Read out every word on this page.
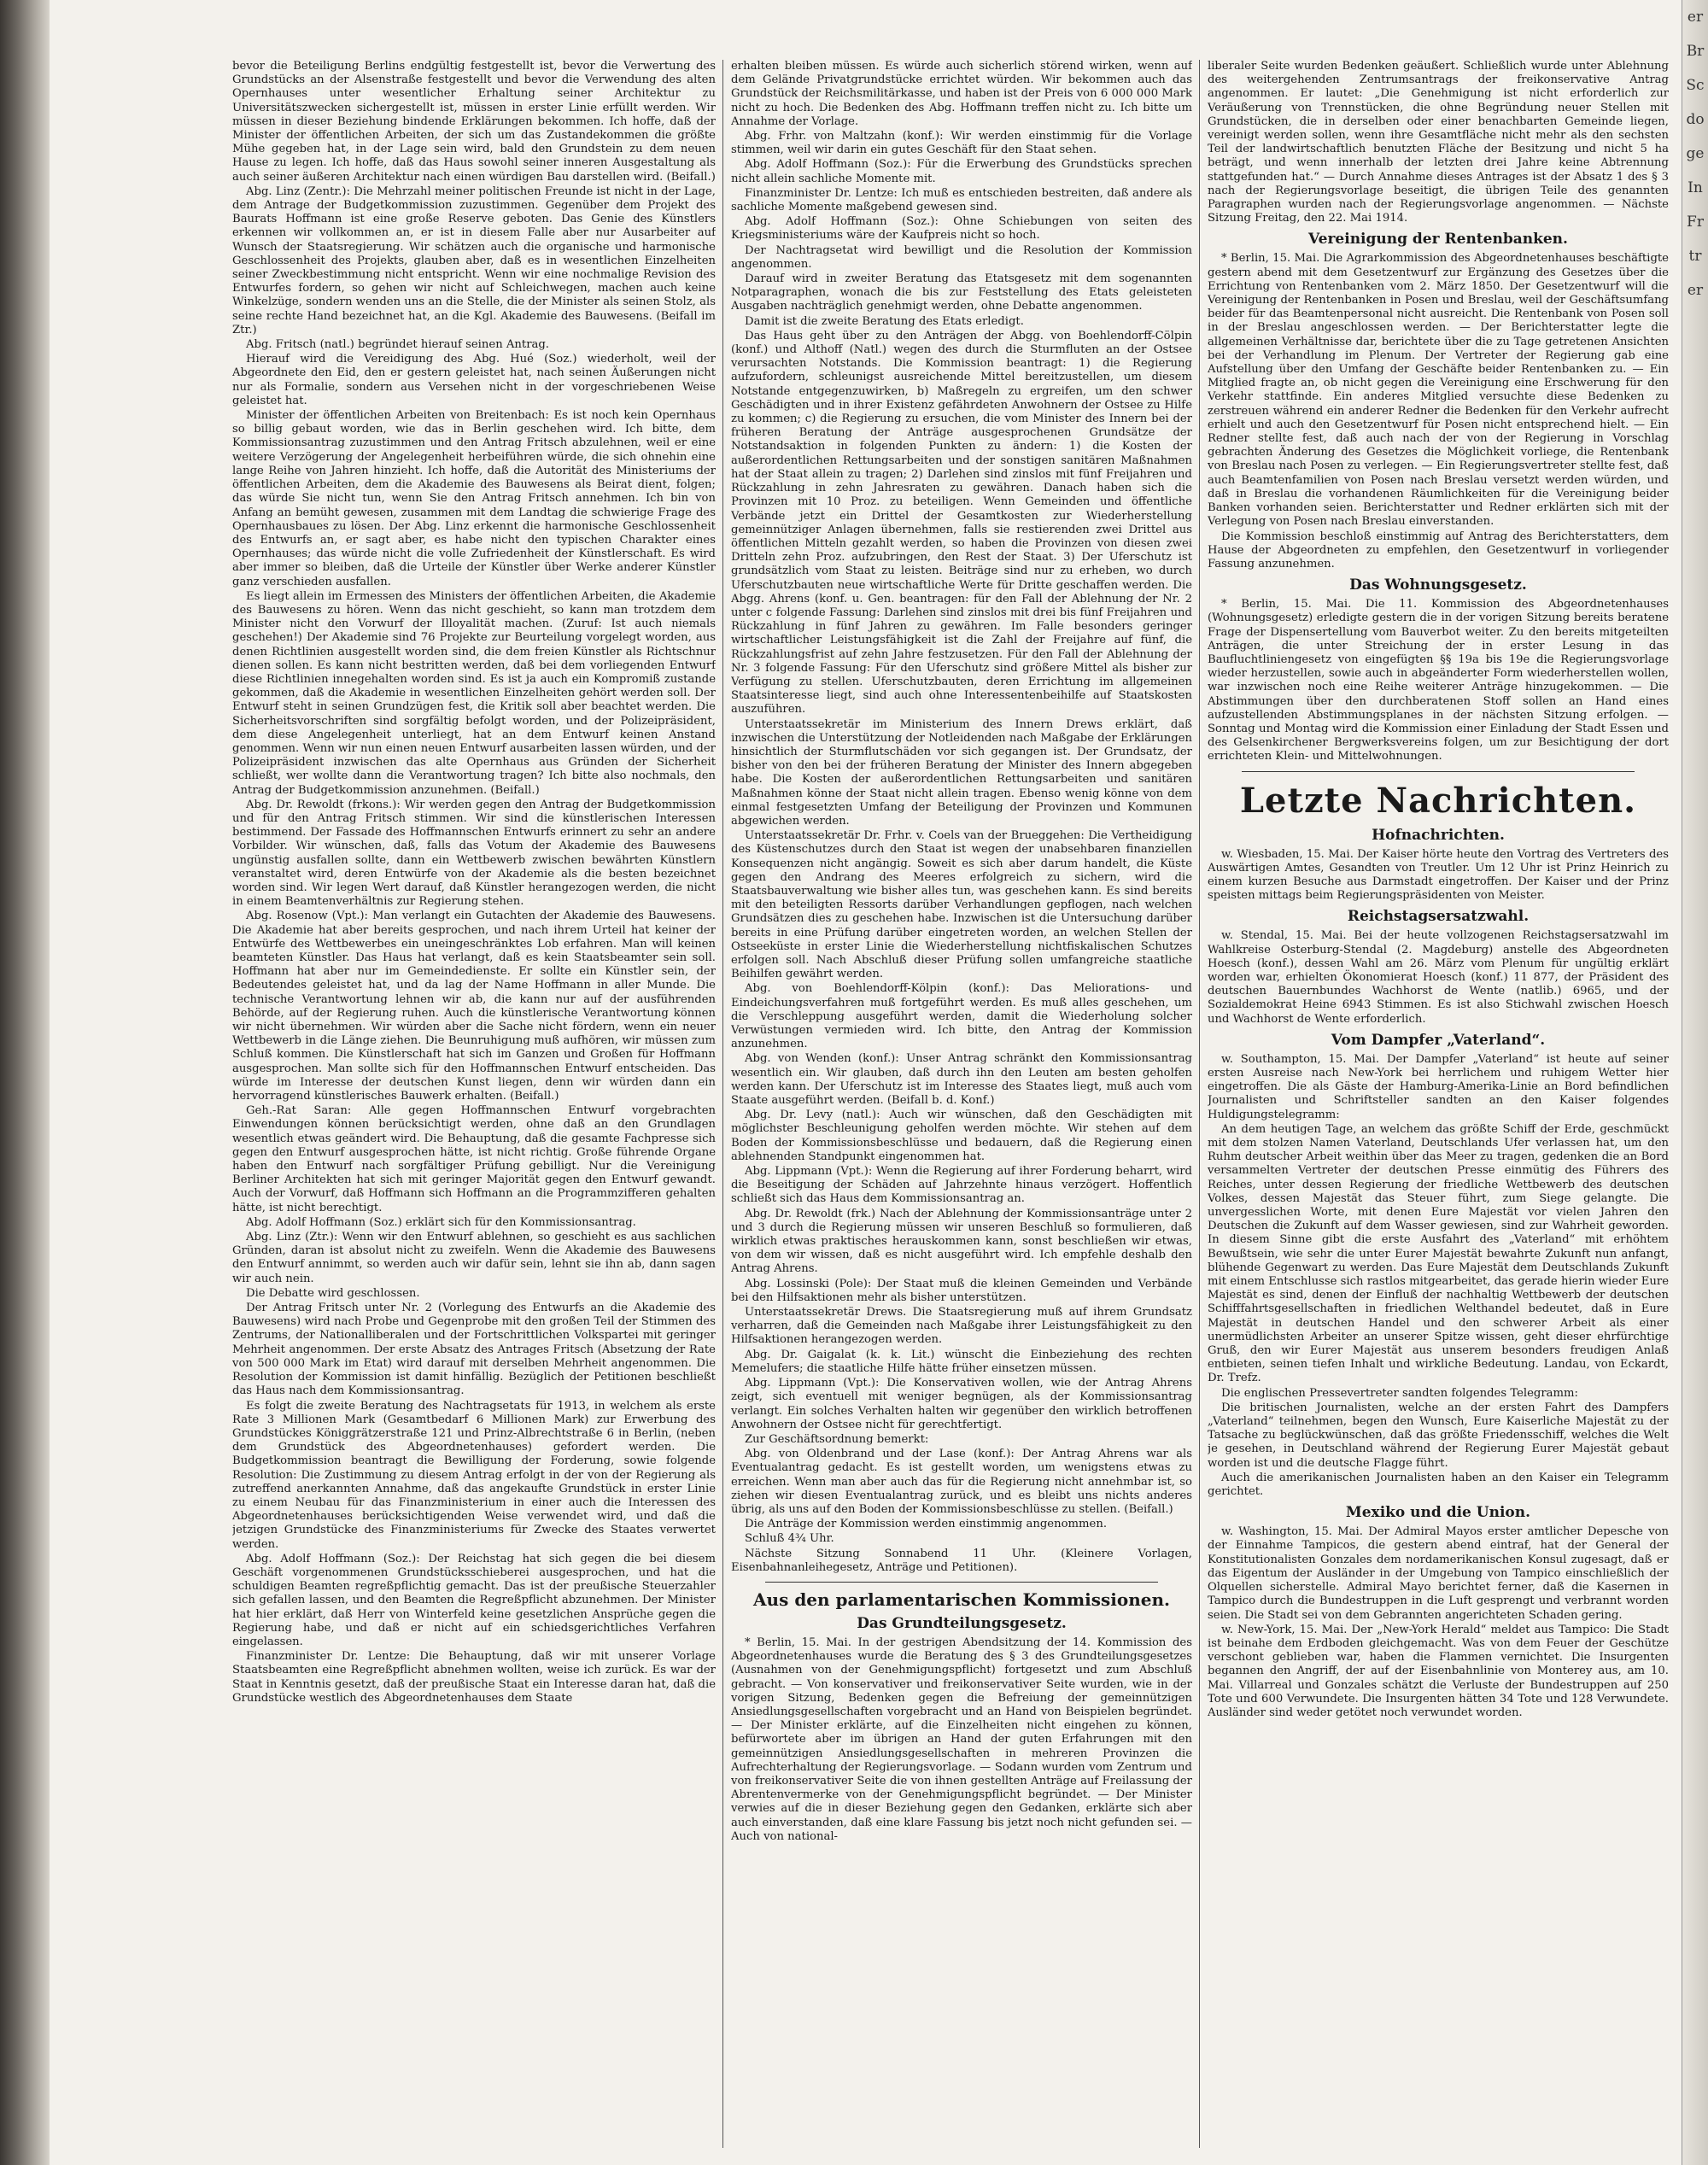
er
Br
Sc
do
ge
In
Fr
tr
er

bevor die Beteiligung Berlins endgültig festgestellt ist, bevor die Verwertung des Grundstücks an der Alsenstraße festgestellt und bevor die Verwendung des alten Opernhauses unter wesentlicher Erhaltung seiner Architektur zu Universitätszwecken sichergestellt ist, müssen in erster Linie erfüllt werden. Wir müssen in dieser Beziehung bindende Erklärungen bekommen. Ich hoffe, daß der Minister der öffentlichen Arbeiten, der sich um das Zustandekommen die größte Mühe gegeben hat, in der Lage sein wird, bald den Grundstein zu dem neuen Hause zu legen. Ich hoffe, daß das Haus sowohl seiner inneren Ausgestaltung als auch seiner äußeren Architektur nach einen würdigen Bau darstellen wird. (Beifall.)

Abg. Linz (Zentr.): Die Mehrzahl meiner politischen Freunde ist nicht in der Lage, dem Antrage der Budgetkommission zuzustimmen. Gegenüber dem Projekt des Baurats Hoffmann ist eine große Reserve geboten. Das Genie des Künstlers erkennen wir vollkommen an, er ist in diesem Falle aber nur Ausarbeiter auf Wunsch der Staatsregierung. Wir schätzen auch die organische und harmonische Geschlossenheit des Projekts, glauben aber, daß es in wesentlichen Einzelheiten seiner Zweckbestimmung nicht entspricht. Wenn wir eine nochmalige Revision des Entwurfes fordern, so gehen wir nicht auf Schleichwegen, machen auch keine Winkelzüge, sondern wenden uns an die Stelle, die der Minister als seinen Stolz, als seine rechte Hand bezeichnet hat, an die Kgl. Akademie des Bauwesens. (Beifall im Ztr.)

Abg. Fritsch (natl.) begründet hierauf seinen Antrag.

Hierauf wird die Vereidigung des Abg. Hué (Soz.) wiederholt, weil der Abgeordnete den Eid, den er gestern geleistet hat, nach seinen Äußerungen nicht nur als Formalie, sondern aus Versehen nicht in der vorgeschriebenen Weise geleistet hat.

Minister der öffentlichen Arbeiten von Breitenbach: Es ist noch kein Opernhaus so billig gebaut worden, wie das in Berlin geschehen wird. Ich bitte, dem Kommissionsantrag zuzustimmen und den Antrag Fritsch abzulehnen, weil er eine weitere Verzögerung der Angelegenheit herbeiführen würde, die sich ohnehin eine lange Reihe von Jahren hinzieht. Ich hoffe, daß die Autorität des Ministeriums der öffentlichen Arbeiten, dem die Akademie des Bauwesens als Beirat dient, folgen; das würde Sie nicht tun, wenn Sie den Antrag Fritsch annehmen. Ich bin von Anfang an bemüht gewesen, zusammen mit dem Landtag die schwierige Frage des Opernhausbaues zu lösen. Der Abg. Linz erkennt die harmonische Geschlossenheit des Entwurfs an, er sagt aber, es habe nicht den typischen Charakter eines Opernhauses; das würde nicht die volle Zufriedenheit der Künstlerschaft. Es wird aber immer so bleiben, daß die Urteile der Künstler über Werke anderer Künstler ganz verschieden ausfallen.

Es liegt allein im Ermessen des Ministers der öffentlichen Arbeiten, die Akademie des Bauwesens zu hören. Wenn das nicht geschieht, so kann man trotzdem dem Minister nicht den Vorwurf der Illoyalität machen. (Zuruf: Ist auch niemals geschehen!) Der Akademie sind 76 Projekte zur Beurteilung vorgelegt worden, aus denen Richtlinien ausgestellt worden sind, die dem freien Künstler als Richtschnur dienen sollen. Es kann nicht bestritten werden, daß bei dem vorliegenden Entwurf diese Richtlinien innegehalten worden sind. Es ist ja auch ein Kompromiß zustande gekommen, daß die Akademie in wesentlichen Einzelheiten gehört werden soll. Der Entwurf steht in seinen Grundzügen fest, die Kritik soll aber beachtet werden. Die Sicherheitsvorschriften sind sorgfältig befolgt worden, und der Polizeipräsident, dem diese Angelegenheit unterliegt, hat an dem Entwurf keinen Anstand genommen. Wenn wir nun einen neuen Entwurf ausarbeiten lassen würden, und der Polizeipräsident inzwischen das alte Opernhaus aus Gründen der Sicherheit schließt, wer wollte dann die Verantwortung tragen? Ich bitte also nochmals, den Antrag der Budgetkommission anzunehmen. (Beifall.)

Abg. Dr. Rewoldt (frkons.): Wir werden gegen den Antrag der Budgetkommission und für den Antrag Fritsch stimmen. Wir sind die künstlerischen Interessen bestimmend. Der Fassade des Hoffmannschen Entwurfs erinnert zu sehr an andere Vorbilder. Wir wünschen, daß, falls das Votum der Akademie des Bauwesens ungünstig ausfallen sollte, dann ein Wettbewerb zwischen bewährten Künstlern veranstaltet wird, deren Entwürfe von der Akademie als die besten bezeichnet worden sind. Wir legen Wert darauf, daß Künstler herangezogen werden, die nicht in einem Beamtenverhältnis zur Regierung stehen.

Abg. Rosenow (Vpt.): Man verlangt ein Gutachten der Akademie des Bauwesens. Die Akademie hat aber bereits gesprochen, und nach ihrem Urteil hat keiner der Entwürfe des Wettbewerbes ein uneingeschränktes Lob erfahren. Man will keinen beamteten Künstler. Das Haus hat verlangt, daß es kein Staatsbeamter sein soll. Hoffmann hat aber nur im Gemeindedienste. Er sollte ein Künstler sein, der Bedeutendes geleistet hat, und da lag der Name Hoffmann in aller Munde. Die technische Verantwortung lehnen wir ab, die kann nur auf der ausführenden Behörde, auf der Regierung ruhen. Auch die künstlerische Verantwortung können wir nicht übernehmen. Wir würden aber die Sache nicht fördern, wenn ein neuer Wettbewerb in die Länge ziehen. Die Beunruhigung muß aufhören, wir müssen zum Schluß kommen. Die Künstlerschaft hat sich im Ganzen und Großen für Hoffmann ausgesprochen. Man sollte sich für den Hoffmannschen Entwurf entscheiden. Das würde im Interesse der deutschen Kunst liegen, denn wir würden dann ein hervorragend künstlerisches Bauwerk erhalten. (Beifall.)

Geh.-Rat Saran: Alle gegen Hoffmannschen Entwurf vorgebrachten Einwendungen können berücksichtigt werden, ohne daß an den Grundlagen wesentlich etwas geändert wird. Die Behauptung, daß die gesamte Fachpresse sich gegen den Entwurf ausgesprochen hätte, ist nicht richtig. Große führende Organe haben den Entwurf nach sorgfältiger Prüfung gebilligt. Nur die Vereinigung Berliner Architekten hat sich mit geringer Majorität gegen den Entwurf gewandt. Auch der Vorwurf, daß Hoffmann sich Hoffmann an die Programmzifferen gehalten hätte, ist nicht berechtigt.

Abg. Adolf Hoffmann (Soz.) erklärt sich für den Kommissionsantrag.

Abg. Linz (Ztr.): Wenn wir den Entwurf ablehnen, so geschieht es aus sachlichen Gründen, daran ist absolut nicht zu zweifeln. Wenn die Akademie des Bauwesens den Entwurf annimmt, so werden auch wir dafür sein, lehnt sie ihn ab, dann sagen wir auch nein.

Die Debatte wird geschlossen.

Der Antrag Fritsch unter Nr. 2 (Vorlegung des Entwurfs an die Akademie des Bauwesens) wird nach Probe und Gegenprobe mit den großen Teil der Stimmen des Zentrums, der Nationalliberalen und der Fortschrittlichen Volkspartei mit geringer Mehrheit angenommen. Der erste Absatz des Antrages Fritsch (Absetzung der Rate von 500 000 Mark im Etat) wird darauf mit derselben Mehrheit angenommen. Die Resolution der Kommission ist damit hinfällig. Bezüglich der Petitionen beschließt das Haus nach dem Kommissionsantrag.

Es folgt die zweite Beratung des Nachtragsetats für 1913, in welchem als erste Rate 3 Millionen Mark (Gesamtbedarf 6 Millionen Mark) zur Erwerbung des Grundstückes Königgrätzerstraße 121 und Prinz-Albrechtstraße 6 in Berlin, (neben dem Grundstück des Abgeordnetenhauses) gefordert werden. Die Budgetkommission beantragt die Bewilligung der Forderung, sowie folgende Resolution: Die Zustimmung zu diesem Antrag erfolgt in der von der Regierung als zutreffend anerkannten Annahme, daß das angekaufte Grundstück in erster Linie zu einem Neubau für das Finanzministerium in einer auch die Interessen des Abgeordnetenhauses berücksichtigenden Weise verwendet wird, und daß die jetzigen Grundstücke des Finanzministeriums für Zwecke des Staates verwertet werden.

Abg. Adolf Hoffmann (Soz.): Der Reichstag hat sich gegen die bei diesem Geschäft vorgenommenen Grundstücksschieberei ausgesprochen, und hat die schuldigen Beamten regreßpflichtig gemacht. Das ist der preußische Steuerzahler sich gefallen lassen, und den Beamten die Regreßpflicht abzunehmen. Der Minister hat hier erklärt, daß Herr von Winterfeld keine gesetzlichen Ansprüche gegen die Regierung habe, und daß er nicht auf ein schiedsgerichtliches Verfahren eingelassen.

Finanzminister Dr. Lentze: Die Behauptung, daß wir mit unserer Vorlage Staatsbeamten eine Regreßpflicht abnehmen wollten, weise ich zurück. Es war der Staat in Kenntnis gesetzt, daß der preußische Staat ein Interesse daran hat, daß die Grundstücke westlich des Abgeordnetenhauses dem Staate

erhalten bleiben müssen. Es würde auch sicherlich störend wirken, wenn auf dem Gelände Privatgrundstücke errichtet würden. Wir bekommen auch das Grundstück der Reichsmilitärkasse, und haben ist der Preis von 6 000 000 Mark nicht zu hoch. Die Bedenken des Abg. Hoffmann treffen nicht zu. Ich bitte um Annahme der Vorlage.

Abg. Frhr. von Maltzahn (konf.): Wir werden einstimmig für die Vorlage stimmen, weil wir darin ein gutes Geschäft für den Staat sehen.

Abg. Adolf Hoffmann (Soz.): Für die Erwerbung des Grundstücks sprechen nicht allein sachliche Momente mit.

Finanzminister Dr. Lentze: Ich muß es entschieden bestreiten, daß andere als sachliche Momente maßgebend gewesen sind.

Abg. Adolf Hoffmann (Soz.): Ohne Schiebungen von seiten des Kriegsministeriums wäre der Kaufpreis nicht so hoch.

Der Nachtragsetat wird bewilligt und die Resolution der Kommission angenommen.

Darauf wird in zweiter Beratung das Etatsgesetz mit dem sogenannten Notparagraphen, wonach die bis zur Feststellung des Etats geleisteten Ausgaben nachträglich genehmigt werden, ohne Debatte angenommen.

Damit ist die zweite Beratung des Etats erledigt.

Das Haus geht über zu den Anträgen der Abgg. von Boehlendorff-Cölpin (konf.) und Althoff (Natl.) wegen des durch die Sturmfluten an der Ostsee verursachten Notstands. Die Kommission beantragt: 1) die Regierung aufzufordern, schleunigst ausreichende Mittel bereitzustellen, um diesem Notstande entgegenzuwirken, b) Maßregeln zu ergreifen, um den schwer Geschädigten und in ihrer Existenz gefährdeten Anwohnern der Ostsee zu Hilfe zu kommen; c) die Regierung zu ersuchen, die vom Minister des Innern bei der früheren Beratung der Anträge ausgesprochenen Grundsätze der Notstandsaktion in folgenden Punkten zu ändern: 1) die Kosten der außerordentlichen Rettungsarbeiten und der sonstigen sanitären Maßnahmen hat der Staat allein zu tragen; 2) Darlehen sind zinslos mit fünf Freijahren und Rückzahlung in zehn Jahresraten zu gewähren. Danach haben sich die Provinzen mit 10 Proz. zu beteiligen. Wenn Gemeinden und öffentliche Verbände jetzt ein Drittel der Gesamtkosten zur Wiederherstellung gemeinnütziger Anlagen übernehmen, falls sie restierenden zwei Drittel aus öffentlichen Mitteln gezahlt werden, so haben die Provinzen von diesen zwei Dritteln zehn Proz. aufzubringen, den Rest der Staat. 3) Der Uferschutz ist grundsätzlich vom Staat zu leisten. Beiträge sind nur zu erheben, wo durch Uferschutzbauten neue wirtschaftliche Werte für Dritte geschaffen werden. Die Abgg. Ahrens (konf. u. Gen. beantragen: für den Fall der Ablehnung der Nr. 2 unter c folgende Fassung: Darlehen sind zinslos mit drei bis fünf Freijahren und Rückzahlung in fünf Jahren zu gewähren. Im Falle besonders geringer wirtschaftlicher Leistungsfähigkeit ist die Zahl der Freijahre auf fünf, die Rückzahlungsfrist auf zehn Jahre festzusetzen. Für den Fall der Ablehnung der Nr. 3 folgende Fassung: Für den Uferschutz sind größere Mittel als bisher zur Verfügung zu stellen. Uferschutzbauten, deren Errichtung im allgemeinen Staatsinteresse liegt, sind auch ohne Interessentenbeihilfe auf Staatskosten auszuführen.

Unterstaatssekretär im Ministerium des Innern Drews erklärt, daß inzwischen die Unterstützung der Notleidenden nach Maßgabe der Erklärungen hinsichtlich der Sturmflutschäden vor sich gegangen ist. Der Grundsatz, der bisher von den bei der früheren Beratung der Minister des Innern abgegeben habe. Die Kosten der außerordentlichen Rettungsarbeiten und sanitären Maßnahmen könne der Staat nicht allein tragen. Ebenso wenig könne von dem einmal festgesetzten Umfang der Beteiligung der Provinzen und Kommunen abgewichen werden.

Unterstaatssekretär Dr. Frhr. v. Coels van der Brueggehen: Die Vertheidigung des Küstenschutzes durch den Staat ist wegen der unabsehbaren finanziellen Konsequenzen nicht angängig. Soweit es sich aber darum handelt, die Küste gegen den Andrang des Meeres erfolgreich zu sichern, wird die Staatsbauverwaltung wie bisher alles tun, was geschehen kann. Es sind bereits mit den beteiligten Ressorts darüber Verhandlungen gepflogen, nach welchen Grundsätzen dies zu geschehen habe. Inzwischen ist die Untersuchung darüber bereits in eine Prüfung darüber eingetreten worden, an welchen Stellen der Ostseeküste in erster Linie die Wiederherstellung nichtfiskalischen Schutzes erfolgen soll. Nach Abschluß dieser Prüfung sollen umfangreiche staatliche Beihilfen gewährt werden.

Abg. von Boehlendorff-Kölpin (konf.): Das Meliorations- und Eindeichungsverfahren muß fortgeführt werden. Es muß alles geschehen, um die Verschleppung ausgeführt werden, damit die Wiederholung solcher Verwüstungen vermieden wird. Ich bitte, den Antrag der Kommission anzunehmen.

Abg. von Wenden (konf.): Unser Antrag schränkt den Kommissionsantrag wesentlich ein. Wir glauben, daß durch ihn den Leuten am besten geholfen werden kann. Der Uferschutz ist im Interesse des Staates liegt, muß auch vom Staate ausgeführt werden. (Beifall b. d. Konf.)

Abg. Dr. Levy (natl.): Auch wir wünschen, daß den Geschädigten mit möglichster Beschleunigung geholfen werden möchte. Wir stehen auf dem Boden der Kommissionsbeschlüsse und bedauern, daß die Regierung einen ablehnenden Standpunkt eingenommen hat.

Abg. Lippmann (Vpt.): Wenn die Regierung auf ihrer Forderung beharrt, wird die Beseitigung der Schäden auf Jahrzehnte hinaus verzögert. Hoffentlich schließt sich das Haus dem Kommissionsantrag an.

Abg. Dr. Rewoldt (frk.) Nach der Ablehnung der Kommissionsanträge unter 2 und 3 durch die Regierung müssen wir unseren Beschluß so formulieren, daß wirklich etwas praktisches herauskommen kann, sonst beschließen wir etwas, von dem wir wissen, daß es nicht ausgeführt wird. Ich empfehle deshalb den Antrag Ahrens.

Abg. Lossinski (Pole): Der Staat muß die kleinen Gemeinden und Verbände bei den Hilfsaktionen mehr als bisher unterstützen.

Unterstaatssekretär Drews. Die Staatsregierung muß auf ihrem Grundsatz verharren, daß die Gemeinden nach Maßgabe ihrer Leistungsfähigkeit zu den Hilfsaktionen herangezogen werden.

Abg. Dr. Gaigalat (k. k. Lit.) wünscht die Einbeziehung des rechten Memelufers; die staatliche Hilfe hätte früher einsetzen müssen.

Abg. Lippmann (Vpt.): Die Konservativen wollen, wie der Antrag Ahrens zeigt, sich eventuell mit weniger begnügen, als der Kommissionsantrag verlangt. Ein solches Verhalten halten wir gegenüber den wirklich betroffenen Anwohnern der Ostsee nicht für gerechtfertigt.

Zur Geschäftsordnung bemerkt:

Abg. von Oldenbrand und der Lase (konf.): Der Antrag Ahrens war als Eventualantrag gedacht. Es ist gestellt worden, um wenigstens etwas zu erreichen. Wenn man aber auch das für die Regierung nicht annehmbar ist, so ziehen wir diesen Eventualantrag zurück, und es bleibt uns nichts anderes übrig, als uns auf den Boden der Kommissionsbeschlüsse zu stellen. (Beifall.)

Die Anträge der Kommission werden einstimmig angenommen.

Schluß 4¾ Uhr.

Nächste Sitzung Sonnabend 11 Uhr. (Kleinere Vorlagen, Eisenbahnanleihegesetz, Anträge und Petitionen).

Aus den parlamentarischen Kommissionen.
Das Grundteilungsgesetz.

* Berlin, 15. Mai. In der gestrigen Abendsitzung der 14. Kommission des Abgeordnetenhauses wurde die Beratung des § 3 des Grundteilungsgesetzes (Ausnahmen von der Genehmigungspflicht) fortgesetzt und zum Abschluß gebracht. — Von konservativer und freikonservativer Seite wurden, wie in der vorigen Sitzung, Bedenken gegen die Befreiung der gemeinnützigen Ansiedlungsgesellschaften vorgebracht und an Hand von Beispielen begründet. — Der Minister erklärte, auf die Einzelheiten nicht eingehen zu können, befürwortete aber im übrigen an Hand der guten Erfahrungen mit den gemeinnützigen Ansiedlungsgesellschaften in mehreren Provinzen die Aufrechterhaltung der Regierungsvorlage. — Sodann wurden vom Zentrum und von freikonservativer Seite die von ihnen gestellten Anträge auf Freilassung der Abrentenvermerke von der Genehmigungspflicht begründet. — Der Minister verwies auf die in dieser Beziehung gegen den Gedanken, erklärte sich aber auch einverstanden, daß eine klare Fassung bis jetzt noch nicht gefunden sei. — Auch von national-

liberaler Seite wurden Bedenken geäußert. Schließlich wurde unter Ablehnung des weitergehenden Zentrumsantrags der freikonservative Antrag angenommen. Er lautet: „Die Genehmigung ist nicht erforderlich zur Veräußerung von Trennstücken, die ohne Begründung neuer Stellen mit Grundstücken, die in derselben oder einer benachbarten Gemeinde liegen, vereinigt werden sollen, wenn ihre Gesamtfläche nicht mehr als den sechsten Teil der landwirtschaftlich benutzten Fläche der Besitzung und nicht 5 ha beträgt, und wenn innerhalb der letzten drei Jahre keine Abtrennung stattgefunden hat.“ — Durch Annahme dieses Antrages ist der Absatz 1 des § 3 nach der Regierungsvorlage beseitigt, die übrigen Teile des genannten Paragraphen wurden nach der Regierungsvorlage angenommen. — Nächste Sitzung Freitag, den 22. Mai 1914.

Vereinigung der Rentenbanken.

* Berlin, 15. Mai. Die Agrarkommission des Abgeordnetenhauses beschäftigte gestern abend mit dem Gesetzentwurf zur Ergänzung des Gesetzes über die Errichtung von Rentenbanken vom 2. März 1850. Der Gesetzentwurf will die Vereinigung der Rentenbanken in Posen und Breslau, weil der Geschäftsumfang beider für das Beamtenpersonal nicht ausreicht. Die Rentenbank von Posen soll in der Breslau angeschlossen werden. — Der Berichterstatter legte die allgemeinen Verhältnisse dar, berichtete über die zu Tage getretenen Ansichten bei der Verhandlung im Plenum. Der Vertreter der Regierung gab eine Aufstellung über den Umfang der Geschäfte beider Rentenbanken zu. — Ein Mitglied fragte an, ob nicht gegen die Vereinigung eine Erschwerung für den Verkehr stattfinde. Ein anderes Mitglied versuchte diese Bedenken zu zerstreuen während ein anderer Redner die Bedenken für den Verkehr aufrecht erhielt und auch den Gesetzentwurf für Posen nicht entsprechend hielt. — Ein Redner stellte fest, daß auch nach der von der Regierung in Vorschlag gebrachten Änderung des Gesetzes die Möglichkeit vorliege, die Rentenbank von Breslau nach Posen zu verlegen. — Ein Regierungsvertreter stellte fest, daß auch Beamtenfamilien von Posen nach Breslau versetzt werden würden, und daß in Breslau die vorhandenen Räumlichkeiten für die Vereinigung beider Banken vorhanden seien. Berichterstatter und Redner erklärten sich mit der Verlegung von Posen nach Breslau einverstanden.

Die Kommission beschloß einstimmig auf Antrag des Berichterstatters, dem Hause der Abgeordneten zu empfehlen, den Gesetzentwurf in vorliegender Fassung anzunehmen.

Das Wohnungsgesetz.

* Berlin, 15. Mai. Die 11. Kommission des Abgeordnetenhauses (Wohnungsgesetz) erledigte gestern die in der vorigen Sitzung bereits beratene Frage der Dispensertellung vom Bauverbot weiter. Zu den bereits mitgeteilten Anträgen, die unter Streichung der in erster Lesung in das Baufluchtliniengesetz von eingefügten §§ 19a bis 19e die Regierungsvorlage wieder herzustellen, sowie auch in abgeänderter Form wiederherstellen wollen, war inzwischen noch eine Reihe weiterer Anträge hinzugekommen. — Die Abstimmungen über den durchberatenen Stoff sollen an Hand eines aufzustellenden Abstimmungsplanes in der nächsten Sitzung erfolgen. — Sonntag und Montag wird die Kommission einer Einladung der Stadt Essen und des Gelsenkirchener Bergwerksvereins folgen, um zur Besichtigung der dort errichteten Klein- und Mittelwohnungen.

Letzte Nachrichten.
Hofnachrichten.

w. Wiesbaden, 15. Mai. Der Kaiser hörte heute den Vortrag des Vertreters des Auswärtigen Amtes, Gesandten von Treutler. Um 12 Uhr ist Prinz Heinrich zu einem kurzen Besuche aus Darmstadt eingetroffen. Der Kaiser und der Prinz speisten mittags beim Regierungspräsidenten von Meister.

Reichstagsersatzwahl.

w. Stendal, 15. Mai. Bei der heute vollzogenen Reichstagsersatzwahl im Wahlkreise Osterburg-Stendal (2. Magdeburg) anstelle des Abgeordneten Hoesch (konf.), dessen Wahl am 26. März vom Plenum für ungültig erklärt worden war, erhielten Ökonomierat Hoesch (konf.) 11 877, der Präsident des deutschen Bauernbundes Wachhorst de Wente (natlib.) 6965, und der Sozialdemokrat Heine 6943 Stimmen. Es ist also Stichwahl zwischen Hoesch und Wachhorst de Wente erforderlich.

Vom Dampfer „Vaterland“.

w. Southampton, 15. Mai. Der Dampfer „Vaterland“ ist heute auf seiner ersten Ausreise nach New-York bei herrlichem und ruhigem Wetter hier eingetroffen. Die als Gäste der Hamburg-Amerika-Linie an Bord befindlichen Journalisten und Schriftsteller sandten an den Kaiser folgendes Huldigungstelegramm:

An dem heutigen Tage, an welchem das größte Schiff der Erde, geschmückt mit dem stolzen Namen Vaterland, Deutschlands Ufer verlassen hat, um den Ruhm deutscher Arbeit weithin über das Meer zu tragen, gedenken die an Bord versammelten Vertreter der deutschen Presse einmütig des Führers des Reiches, unter dessen Regierung der friedliche Wettbewerb des deutschen Volkes, dessen Majestät das Steuer führt, zum Siege gelangte. Die unvergesslichen Worte, mit denen Eure Majestät vor vielen Jahren den Deutschen die Zukunft auf dem Wasser gewiesen, sind zur Wahrheit geworden. In diesem Sinne gibt die erste Ausfahrt des „Vaterland“ mit erhöhtem Bewußtsein, wie sehr die unter Eurer Majestät bewahrte Zukunft nun anfangt, blühende Gegenwart zu werden. Das Eure Majestät dem Deutschlands Zukunft mit einem Entschlusse sich rastlos mitgearbeitet, das gerade hierin wieder Eure Majestät es sind, denen der Einfluß der nachhaltig Wettbewerb der deutschen Schifffahrtsgesellschaften in friedlichen Welthandel bedeutet, daß in Eure Majestät in deutschen Handel und den schwerer Arbeit als einer unermüdlichsten Arbeiter an unserer Spitze wissen, geht dieser ehrfürchtige Gruß, den wir Eurer Majestät aus unserem besonders freudigen Anlaß entbieten, seinen tiefen Inhalt und wirkliche Bedeutung. Landau, von Eckardt, Dr. Trefz.

Die englischen Pressevertreter sandten folgendes Telegramm:

Die britischen Journalisten, welche an der ersten Fahrt des Dampfers „Vaterland“ teilnehmen, begen den Wunsch, Eure Kaiserliche Majestät zu der Tatsache zu beglückwünschen, daß das größte Friedensschiff, welches die Welt je gesehen, in Deutschland während der Regierung Eurer Majestät gebaut worden ist und die deutsche Flagge führt.

Auch die amerikanischen Journalisten haben an den Kaiser ein Telegramm gerichtet.

Mexiko und die Union.

w. Washington, 15. Mai. Der Admiral Mayos erster amtlicher Depesche von der Einnahme Tampicos, die gestern abend eintraf, hat der General der Konstitutionalisten Gonzales dem nordamerikanischen Konsul zugesagt, daß er das Eigentum der Ausländer in der Umgebung von Tampico einschließlich der Olquellen sicherstelle. Admiral Mayo berichtet ferner, daß die Kasernen in Tampico durch die Bundestruppen in die Luft gesprengt und verbrannt worden seien. Die Stadt sei von dem Gebrannten angerichteten Schaden gering.

w. New-York, 15. Mai. Der „New-York Herald“ meldet aus Tampico: Die Stadt ist beinahe dem Erdboden gleichgemacht. Was von dem Feuer der Geschütze verschont geblieben war, haben die Flammen vernichtet. Die Insurgenten begannen den Angriff, der auf der Eisenbahnlinie von Monterey aus, am 10. Mai. Villarreal und Gonzales schätzt die Verluste der Bundestruppen auf 250 Tote und 600 Verwundete. Die Insurgenten hätten 34 Tote und 128 Verwundete. Ausländer sind weder getötet noch verwundet worden.
